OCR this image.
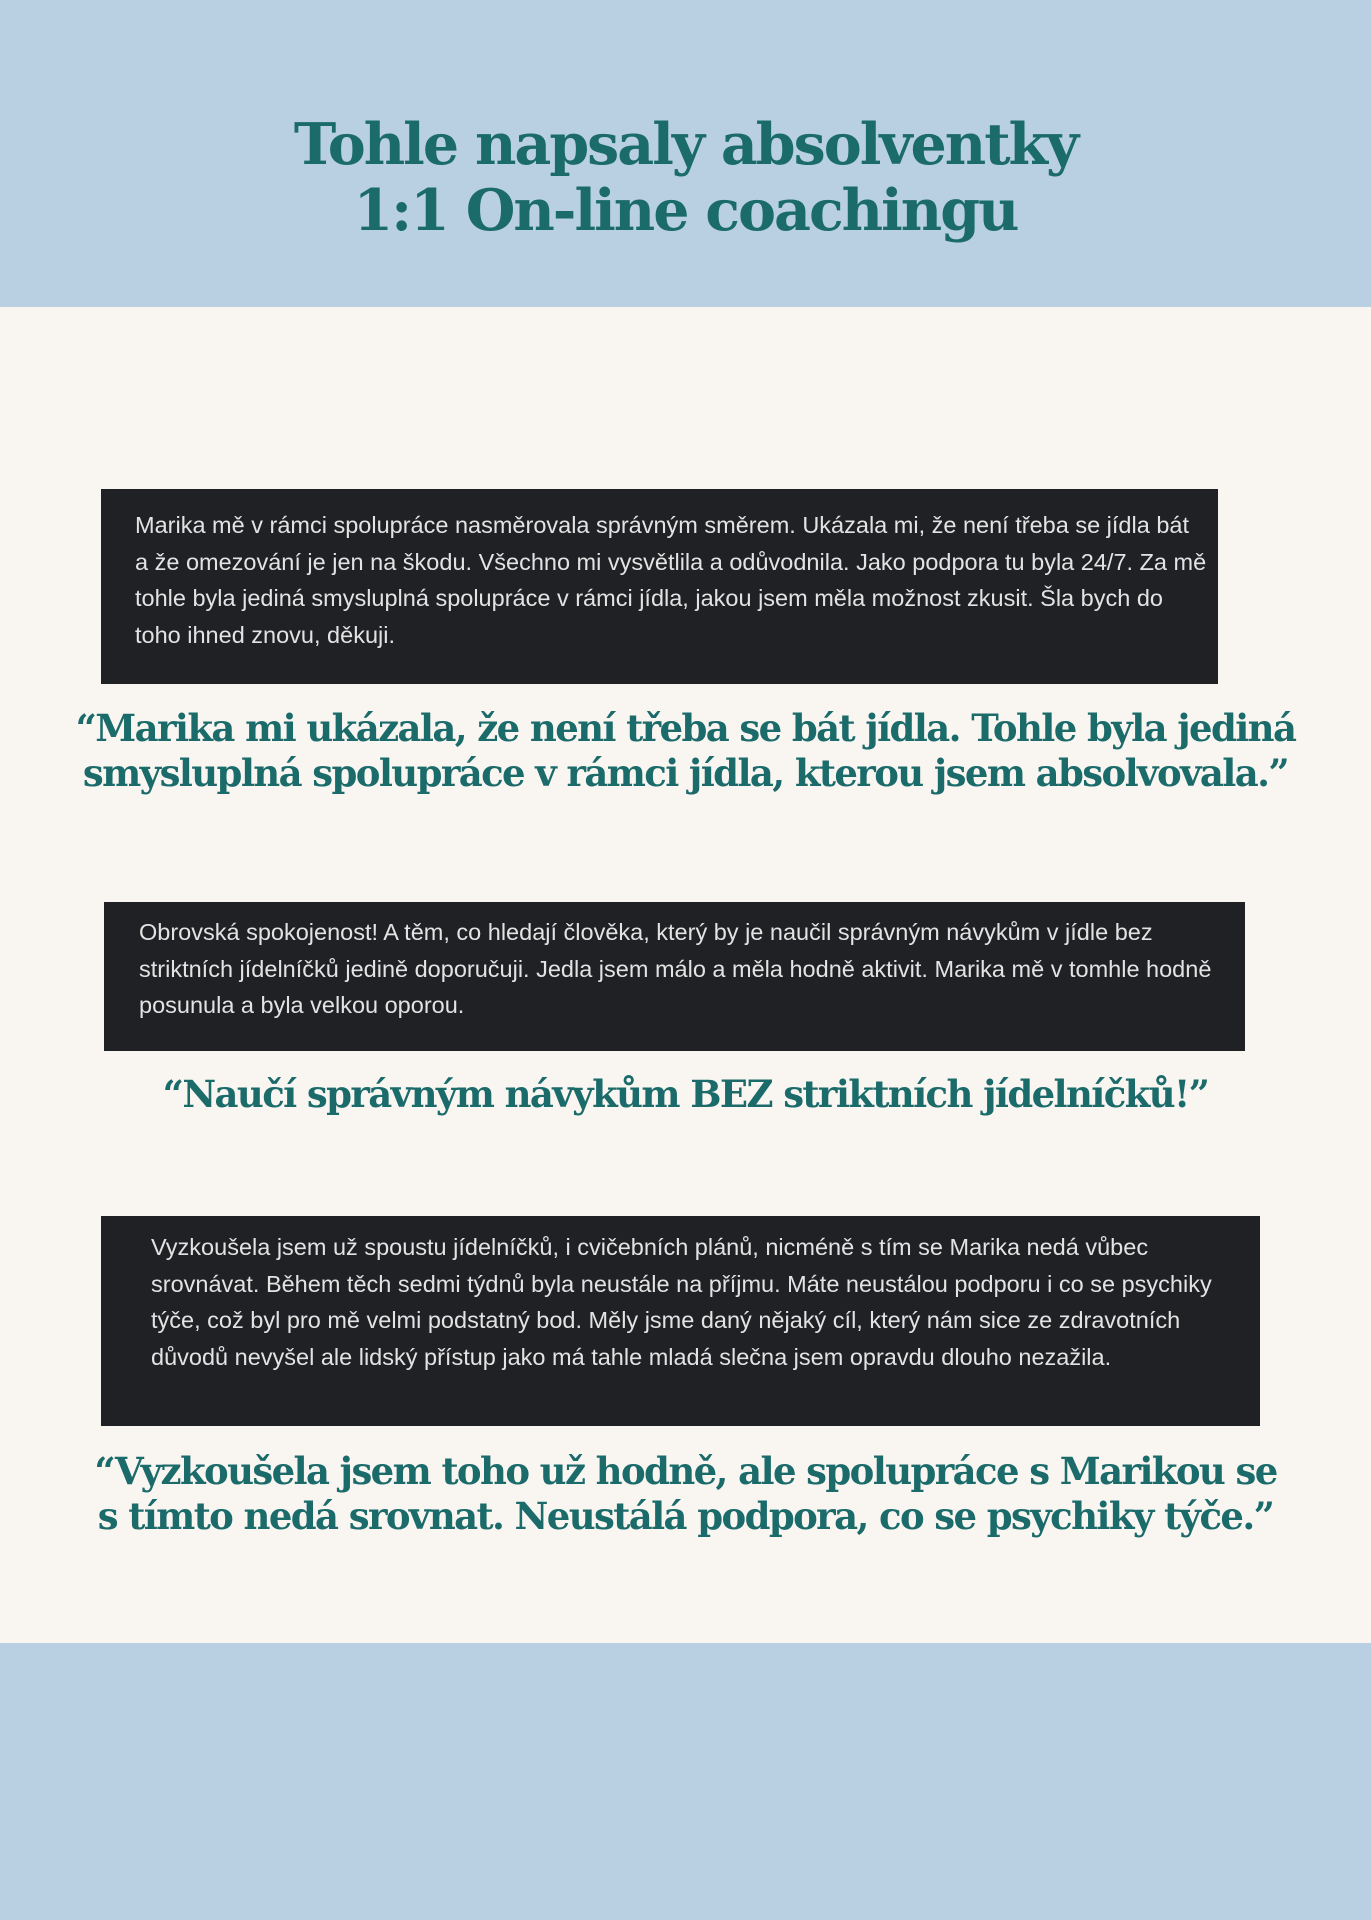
Tohle napsaly absolventky
1:1 On-line coachingu
Marika mě v rámci spolupráce nasměrovala správným směrem. Ukázala mi, že není třeba se jídla bát a že omezování je jen na škodu. Všechno mi vysvětlila a odůvodnila. Jako podpora tu byla 24/7. Za mě tohle byla jediná smysluplná spolupráce v rámci jídla, jakou jsem měla možnost zkusit. Šla bych do toho ihned znovu, děkuji.

“Marika mi ukázala, že není třeba se bát jídla. Tohle byla jediná
smysluplná spolupráce v rámci jídla, kterou jsem absolvovala.”

Obrovská spokojenost! A těm, co hledají člověka, který by je naučil správným návykům v jídle bez striktních jídelníčků jedině doporučuji. Jedla jsem málo a měla hodně aktivit. Marika mě v tomhle hodně posunula a byla velkou oporou.

“Naučí správným návykům BEZ striktních jídelníčků!”

Vyzkoušela jsem už spoustu jídelníčků, i cvičebních plánů, nicméně s tím se Marika nedá vůbec srovnávat. Během těch sedmi týdnů byla neustále na příjmu. Máte neustálou podporu i co se psychiky týče, což byl pro mě velmi podstatný bod. Měly jsme daný nějaký cíl, který nám sice ze zdravotních důvodů nevyšel ale lidský přístup jako má tahle mladá slečna jsem opravdu dlouho nezažila.

“Vyzkoušela jsem toho už hodně, ale spolupráce s Marikou se
s tímto nedá srovnat. Neustálá podpora, co se psychiky týče.”
